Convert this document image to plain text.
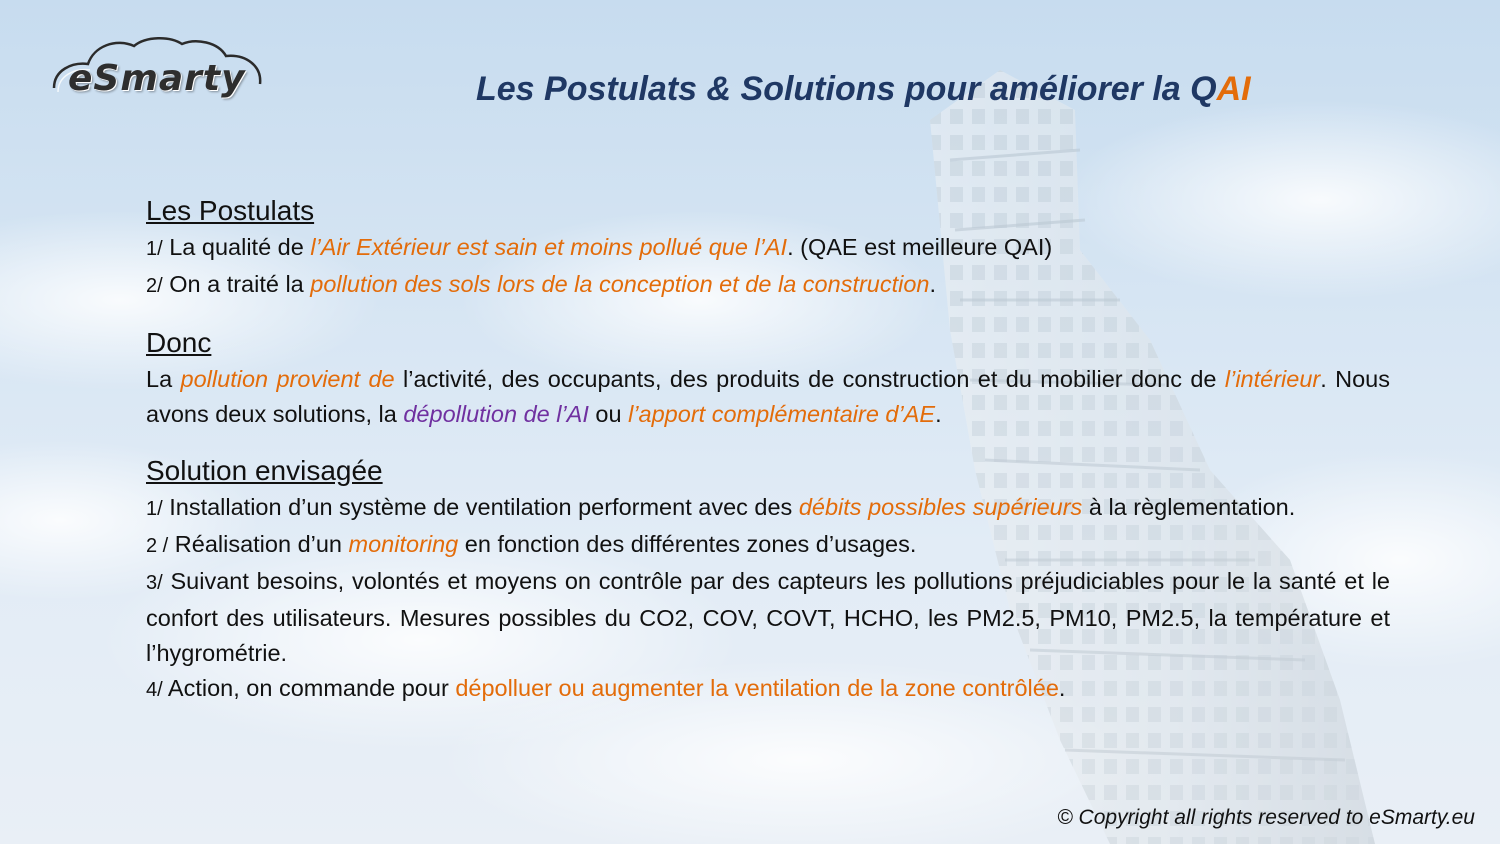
eSmarty	Les Postulats & Solutions pour améliorer la QAI

Les Postulats

1/ La qualité de l’Air Extérieur est sain et moins pollué que l’AI. (QAE est meilleure QAI)

2/ On a traité la pollution des sols lors de la conception et de la construction.

Donc

La pollution provient de l’activité, des occupants, des produits de construction et du mobilier donc de l’intérieur. Nous avons deux solutions, la dépollution de l’AI ou l’apport complémentaire d’AE.

Solution envisagée

1/ Installation d’un système de ventilation performent avec des débits possibles supérieurs à la règlementation.

2 / Réalisation d’un monitoring en fonction des différentes zones d’usages.

3/ Suivant besoins, volontés et moyens on contrôle par des capteurs les pollutions préjudiciables pour le la santé et le confort des utilisateurs. Mesures possibles du CO2, COV, COVT, HCHO, les PM2.5, PM10, PM2.5, la température et l’hygrométrie.

4/ Action, on commande pour dépolluer ou augmenter la ventilation de la zone contrôlée.

© Copyright all rights reserved to eSmarty.eu
